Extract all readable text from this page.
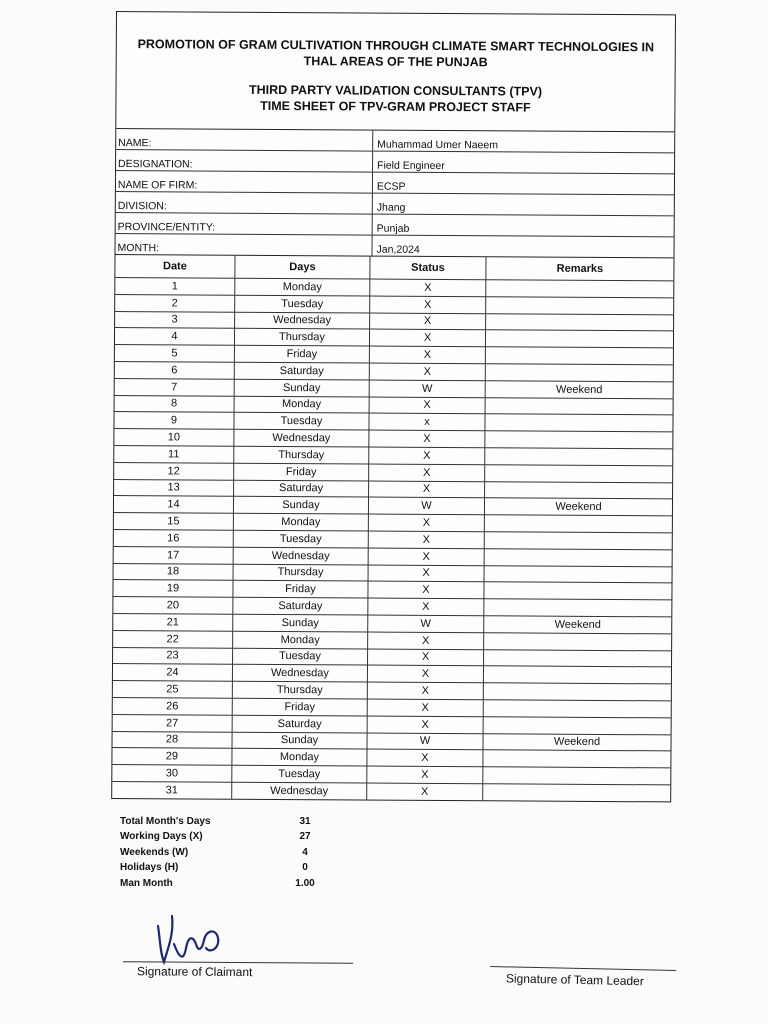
PROMOTION OF GRAM CULTIVATION THROUGH CLIMATE SMART TECHNOLOGIES IN
THAL AREAS OF THE PUNJAB
THIRD PARTY VALIDATION CONSULTANTS (TPV)
TIME SHEET OF TPV-GRAM PROJECT STAFF
NAME:	Muhammad Umer Naeem
DESIGNATION:	Field Engineer
NAME OF FIRM:	ECSP
DIVISION:	Jhang
PROVINCE/ENTITY:	Punjab
MONTH:	Jan,2024
Date	Days	Status	Remarks
1	Monday	X	
2	Tuesday	X	
3	Wednesday	X	
4	Thursday	X	
5	Friday	X	
6	Saturday	X	
7	Sunday	W	Weekend
8	Monday	X	
9	Tuesday	x	
10	Wednesday	X	
11	Thursday	X	
12	Friday	X	
13	Saturday	X	
14	Sunday	W	Weekend
15	Monday	X	
16	Tuesday	X	
17	Wednesday	X	
18	Thursday	X	
19	Friday	X	
20	Saturday	X	
21	Sunday	W	Weekend
22	Monday	X	
23	Tuesday	X	
24	Wednesday	X	
25	Thursday	X	
26	Friday	X	
27	Saturday	X	
28	Sunday	W	Weekend
29	Monday	X	
30	Tuesday	X	
31	Wednesday	X	
Total Month's Days	31
Working Days (X)	27
Weekends (W)	4
Holidays (H)	0
Man Month	1.00
Signature of Claimant	Signature of Team Leader
